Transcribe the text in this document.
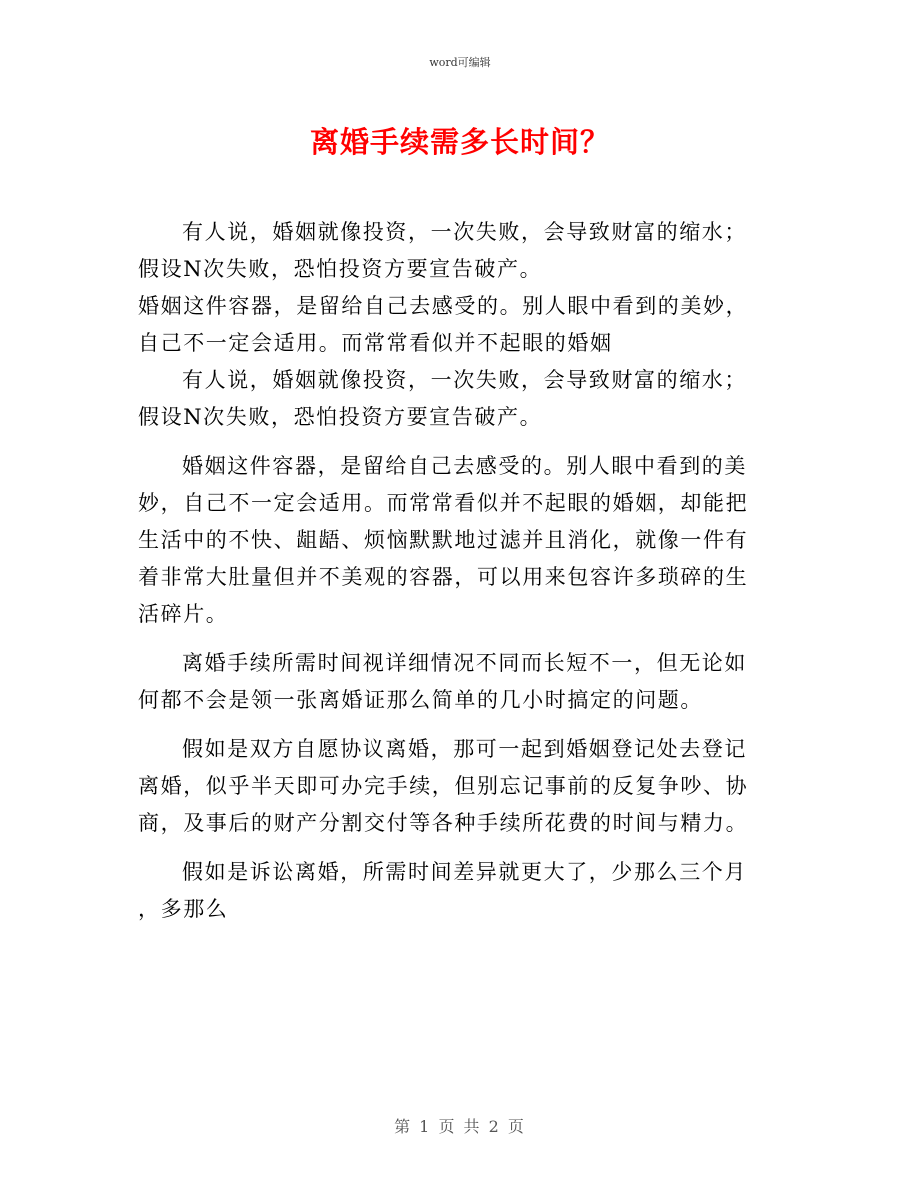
word可编辑
离婚手续需多长时间？
有人说，婚姻就像投资，一次失败，会导致财富的缩水；
假设N次失败，恐怕投资方要宣告破产。
婚姻这件容器，是留给自己去感受的。别人眼中看到的美妙，
自己不一定会适用。而常常看似并不起眼的婚姻
有人说，婚姻就像投资，一次失败，会导致财富的缩水；
假设N次失败，恐怕投资方要宣告破产。
婚姻这件容器，是留给自己去感受的。别人眼中看到的美
妙，自己不一定会适用。而常常看似并不起眼的婚姻，却能把
生活中的不快、龃龉、烦恼默默地过滤并且消化，就像一件有
着非常大肚量但并不美观的容器，可以用来包容许多琐碎的生
活碎片。
离婚手续所需时间视详细情况不同而长短不一，但无论如
何都不会是领一张离婚证那么简单的几小时搞定的问题。
假如是双方自愿协议离婚，那可一起到婚姻登记处去登记
离婚，似乎半天即可办完手续，但别忘记事前的反复争吵、协
商，及事后的财产分割交付等各种手续所花费的时间与精力。
假如是诉讼离婚，所需时间差异就更大了，少那么三个月
，多那么
第 1 页 共 2 页
